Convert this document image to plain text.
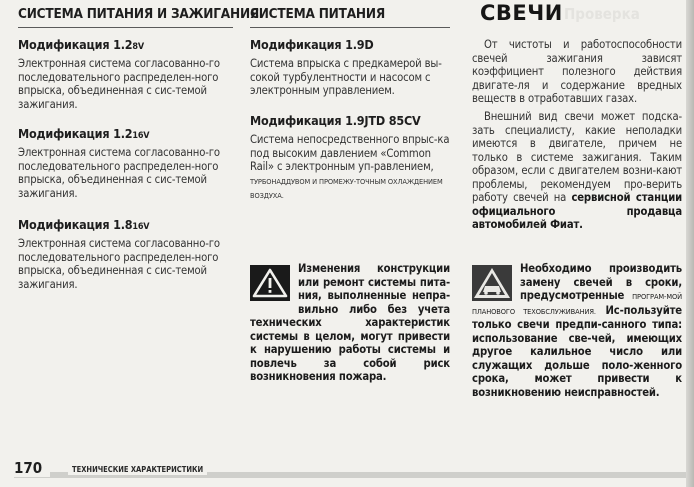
СИСТЕМА ПИТАНИЯ И ЗАЖИГАНИЯ
Модификация 1.28V
Электронная система согласованно-го последовательного распределен-ного впрыска, объединенная с сис-темой зажигания.
Модификация 1.216V
Электронная система согласованно-го последовательного распределен-ного впрыска, объединенная с сис-темой зажигания.
Модификация 1.816V
Электронная система согласованно-го последовательного распределен-ного впрыска, объединенная с сис-темой зажигания.
СИСТЕМА ПИТАНИЯ
Модификация 1.9D
Система впрыска с предкамерой вы-сокой турбулентности и насосом с электронным управлением.
Модификация 1.9JTD 85CV
Система непосредственного впрыс-ка под высоким давлением «Common Rail» с электронным уп-равлением, ТУРБОНАДДУВОМ И ПРОМЕЖУ-ТОЧНЫМ ОХЛАЖДЕНИЕМ ВОЗДУХА.
Изменения конструкции или ремонт системы пита-ния, выполненные непра-вильно либо без учета технических характеристик системы в целом, могут привести к нарушению работы системы и повлечь за собой риск возникновения пожара.
Проверка
СВЕЧИ
От чистоты и работоспособности свечей зажигания зависят коэффициент полезного действия двигате-ля и содержание вредных веществ в отработавших газах.
Внешний вид свечи может подска-зать специалисту, какие неполадки имеются в двигателе, причем не только в системе зажигания. Таким образом, если с двигателем возни-кают проблемы, рекомендуем про-верить работу свечей на сервисной станции официального продавца автомобилей Фиат.
Необходимо производить замену свечей в сроки, предусмотренные ПРОГРАМ-МОЙ ПЛАНОВОГО ТЕХОБСЛУЖИВАНИЯ. Ис-пользуйте только свечи предпи-санного типа: использование све-чей, имеющих другое калильное число или служащих дольше поло-женного срока, может привести к возникновению неисправностей.
170	ТЕХНИЧЕСКИЕ ХАРАКТЕРИСТИКИ
